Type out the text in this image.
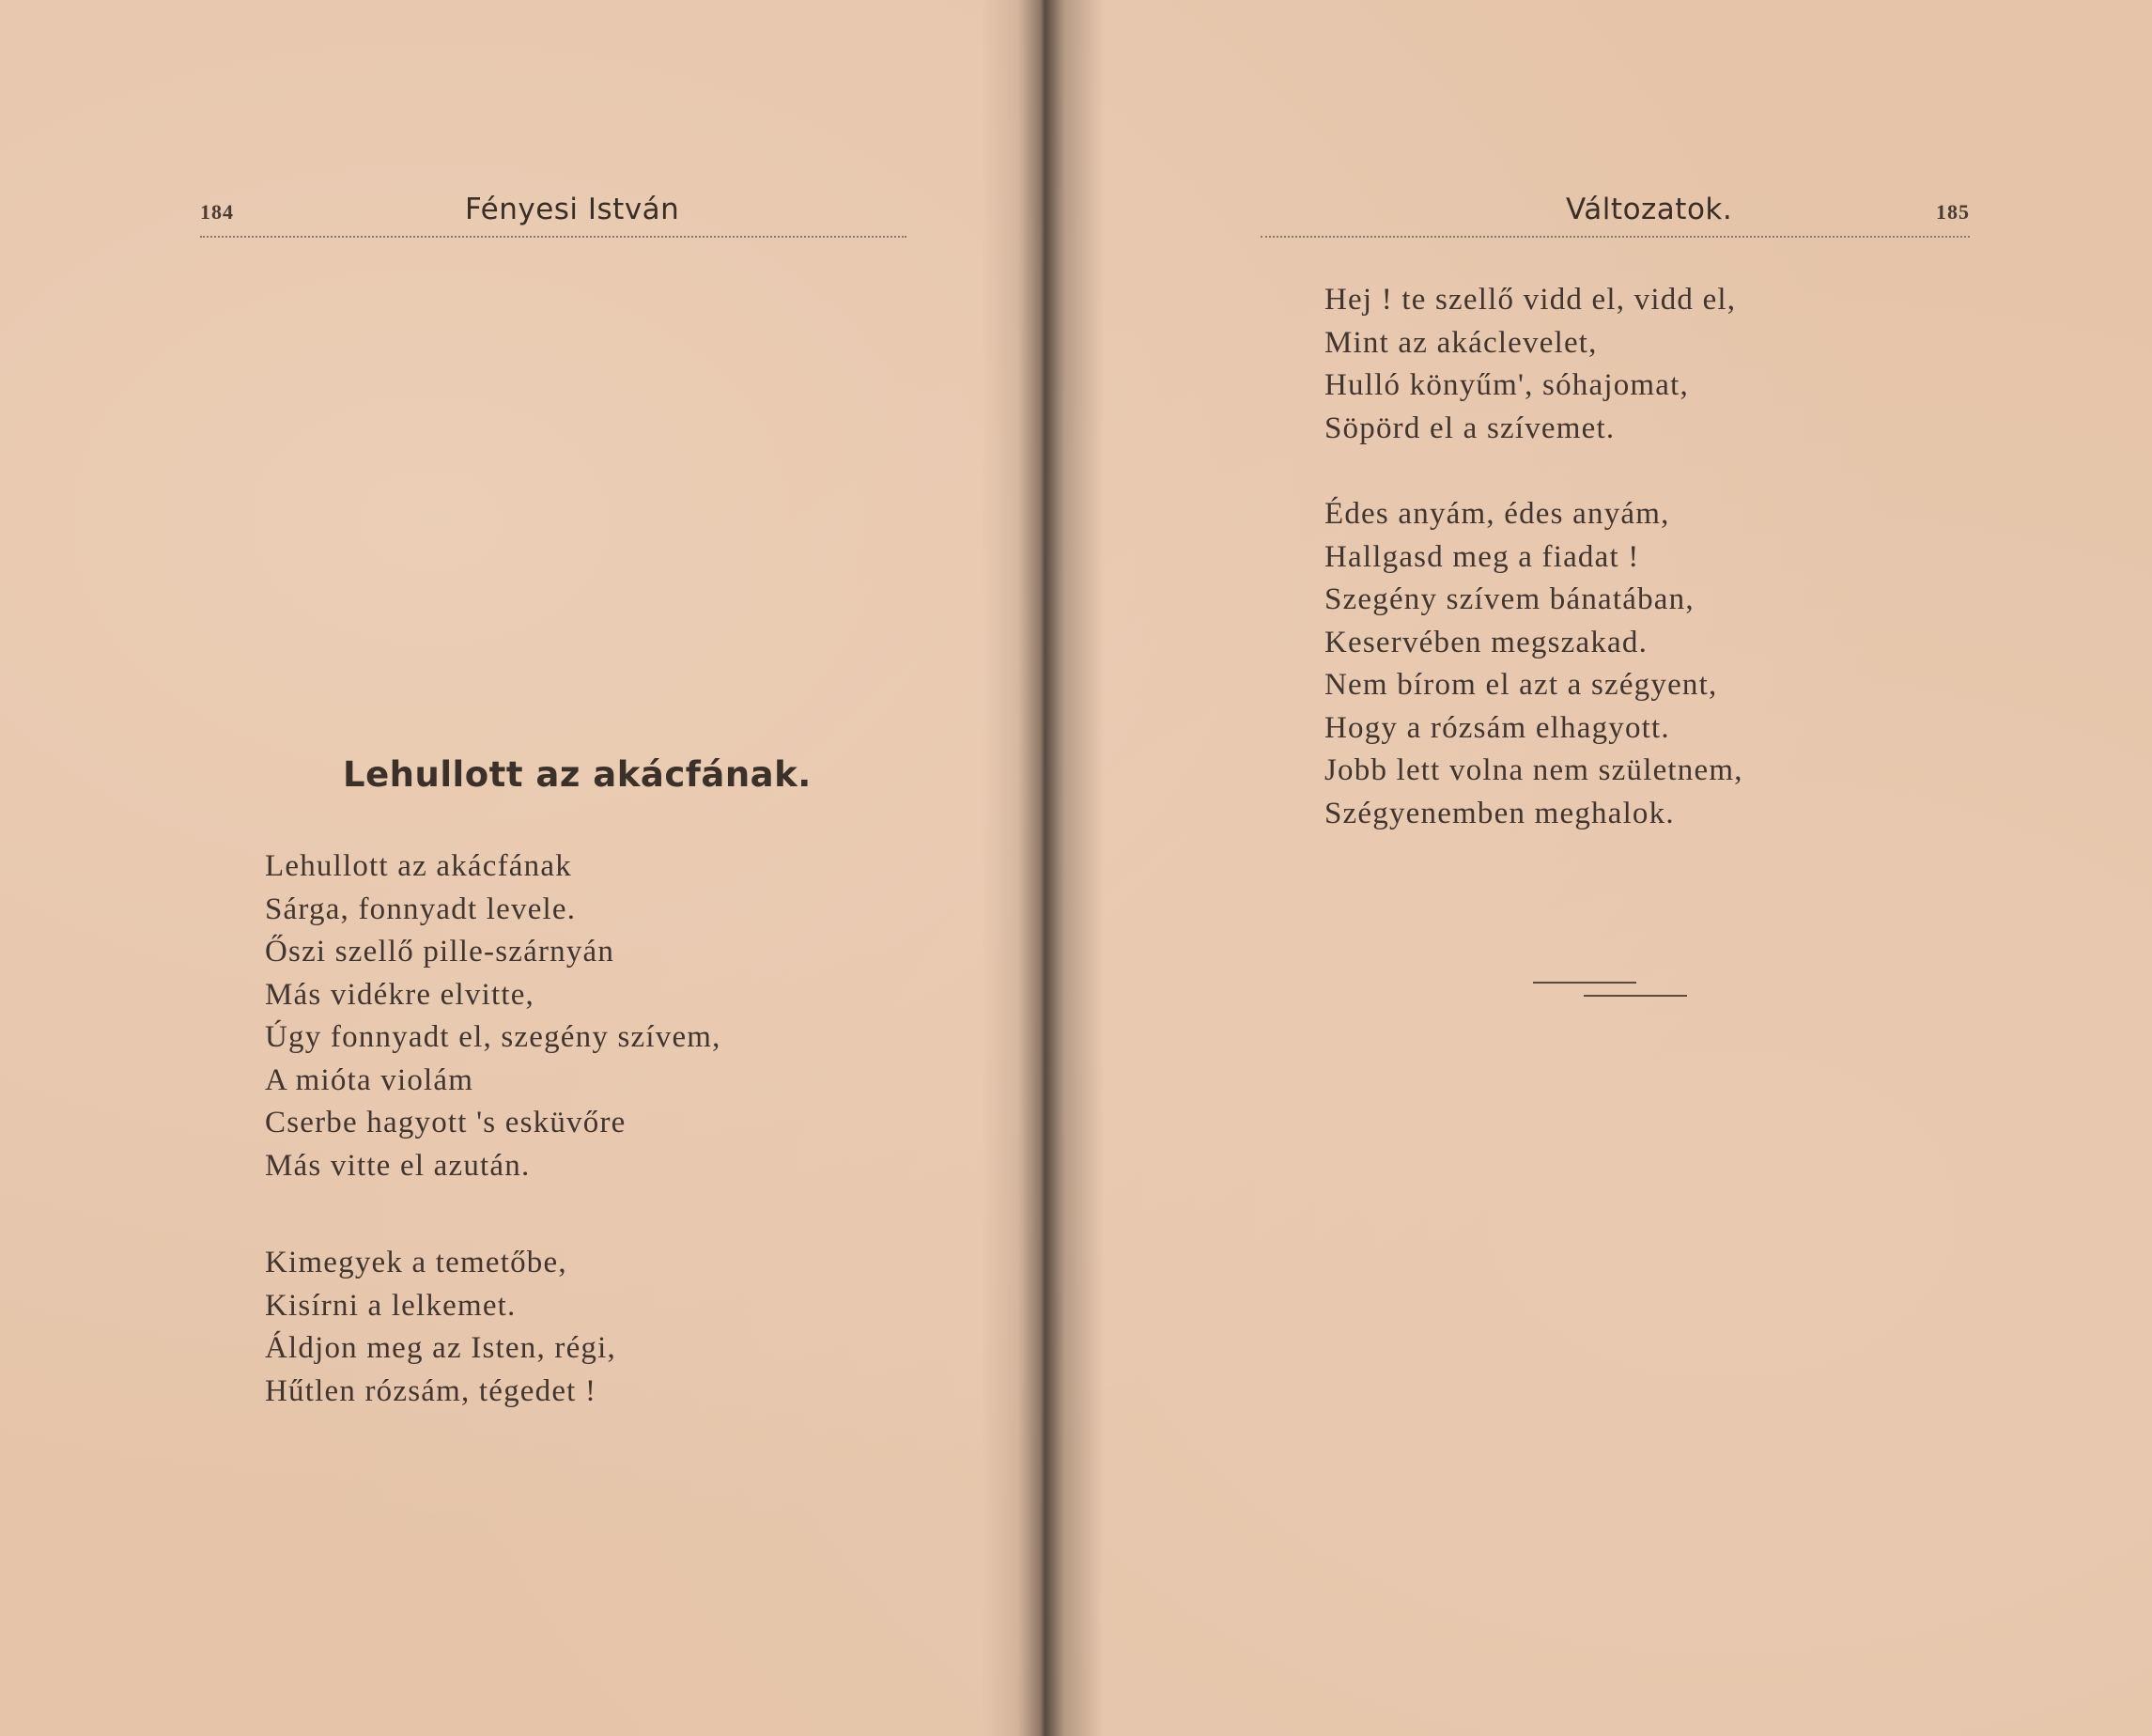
184	Fényesi István
Lehullott az akácfának.
Lehullott az akácfának
Sárga, fonnyadt levele.
Őszi szellő pille-szárnyán
Más vidékre elvitte,
Úgy fonnyadt el, szegény szívem,
A mióta violám
Cserbe hagyott 's esküvőre
Más vitte el azután.
Kimegyek a temetőbe,
Kisírni a lelkemet.
Áldjon meg az Isten, régi,
Hűtlen rózsám, tégedet !
Változatok.	185
Hej ! te szellő vidd el, vidd el,
Mint az akáclevelet,
Hulló könyűm', sóhajomat,
Söpörd el a szívemet.
Édes anyám, édes anyám,
Hallgasd meg a fiadat !
Szegény szívem bánatában,
Keservében megszakad.
Nem bírom el azt a szégyent,
Hogy a rózsám elhagyott.
Jobb lett volna nem születnem,
Szégyenemben meghalok.
